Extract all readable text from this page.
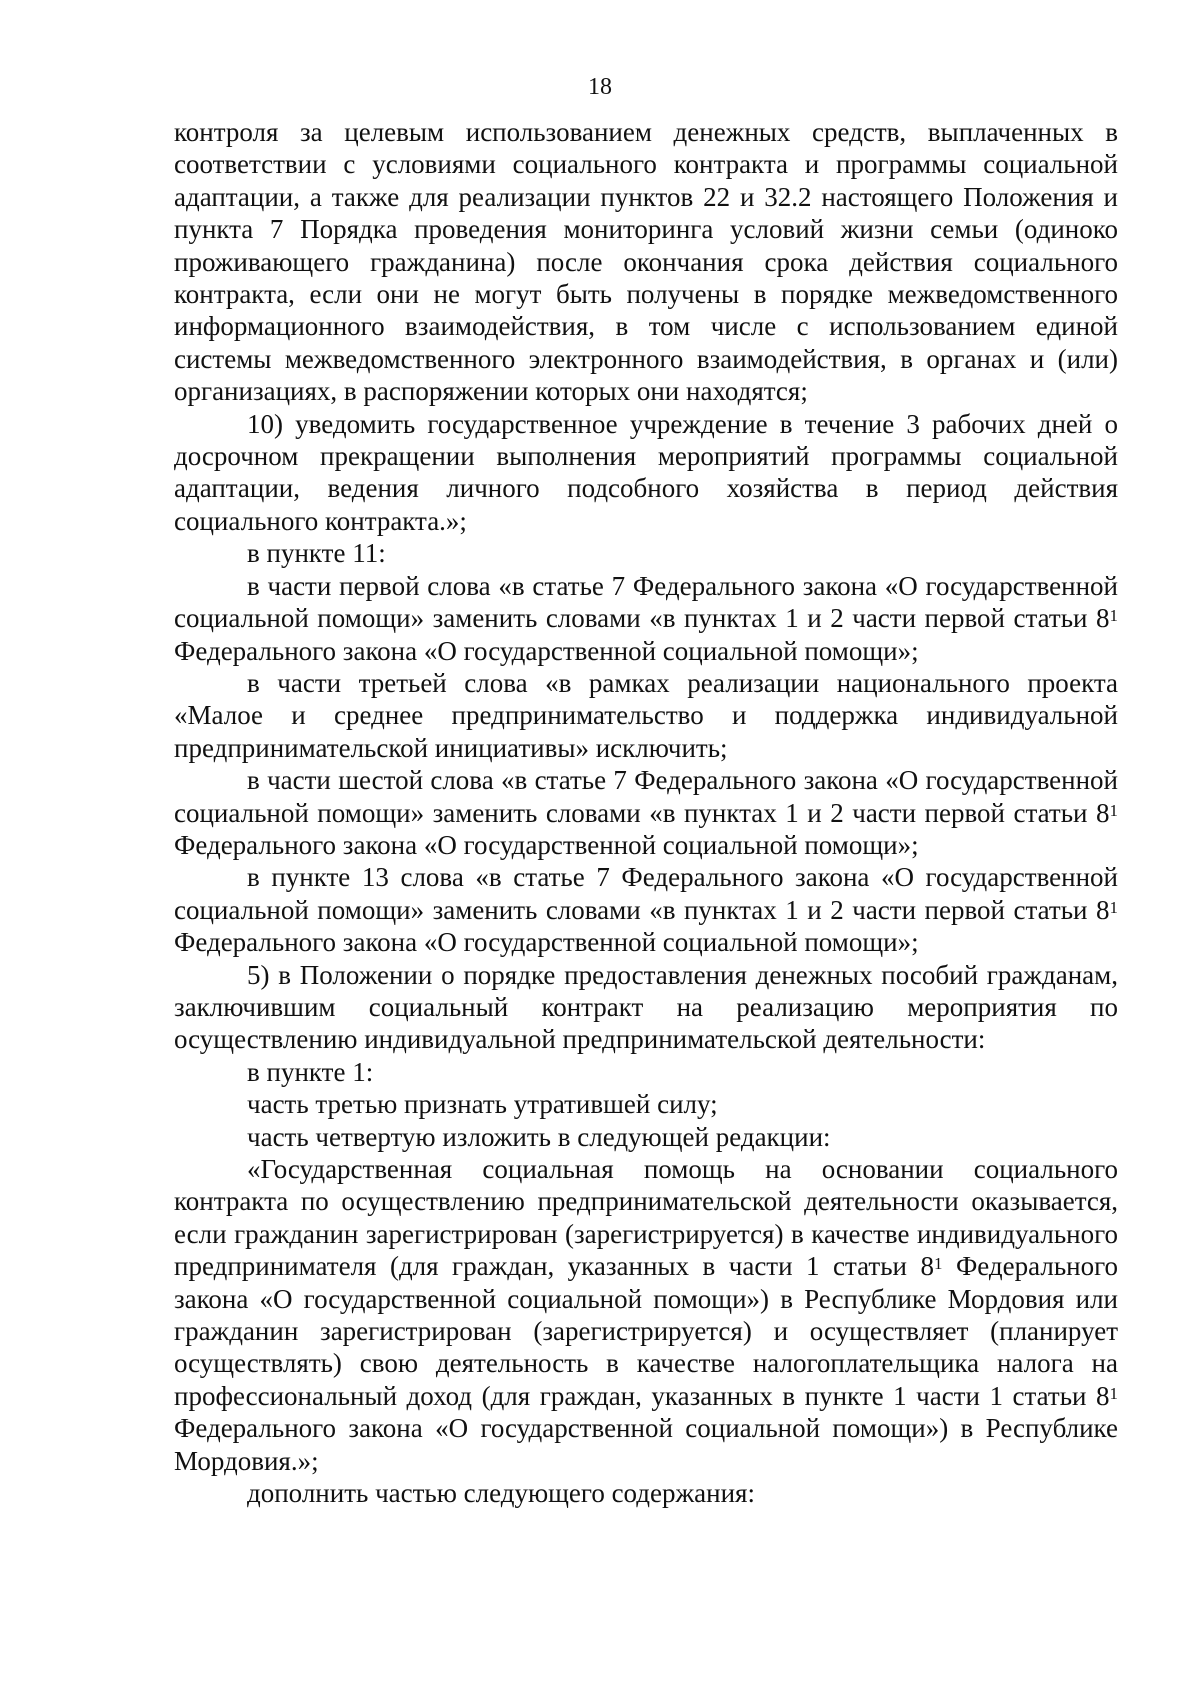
18

контроля за целевым использованием денежных средств, выплаченных в соответствии с условиями социального контракта и программы социальной адаптации, а также для реализации пунктов 22 и 32.2 настоящего Положения и пункта 7 Порядка проведения мониторинга условий жизни семьи (одиноко проживающего гражданина) после окончания срока действия социального контракта, если они не могут быть получены в порядке межведомственного информационного взаимодействия, в том числе с использованием единой системы межведомственного электронного взаимодействия, в органах и (или) организациях, в распоряжении которых они находятся;

10) уведомить государственное учреждение в течение 3 рабочих дней о досрочном прекращении выполнения мероприятий программы социальной адаптации, ведения личного подсобного хозяйства в период действия социального контракта.»;

в пункте 11:

в части первой слова «в статье 7 Федерального закона «О государственной социальной помощи» заменить словами «в пунктах 1 и 2 части первой статьи $8^1$ Федерального закона «О государственной социальной помощи»;

в части третьей слова «в рамках реализации национального проекта «Малое и среднее предпринимательство и поддержка индивидуальной предпринимательской инициативы» исключить;

в части шестой слова «в статье 7 Федерального закона «О государственной социальной помощи» заменить словами «в пунктах 1 и 2 части первой статьи $8^1$ Федерального закона «О государственной социальной помощи»;

в пункте 13 слова «в статье 7 Федерального закона «О государственной социальной помощи» заменить словами «в пунктах 1 и 2 части первой статьи $8^1$ Федерального закона «О государственной социальной помощи»;

5) в Положении о порядке предоставления денежных пособий гражданам, заключившим социальный контракт на реализацию мероприятия по осуществлению индивидуальной предпринимательской деятельности:

в пункте 1:

часть третью признать утратившей силу;

часть четвертую изложить в следующей редакции:

«Государственная социальная помощь на основании социального контракта по осуществлению предпринимательской деятельности оказывается, если гражданин зарегистрирован (зарегистрируется) в качестве индивидуального предпринимателя (для граждан, указанных в части 1 статьи $8^1$ Федерального закона «О государственной социальной помощи») в Республике Мордовия или гражданин зарегистрирован (зарегистрируется) и осуществляет (планирует осуществлять) свою деятельность в качестве налогоплательщика налога на профессиональный доход (для граждан, указанных в пункте 1 части 1 статьи $8^1$ Федерального закона «О государственной социальной помощи») в Республике Мордовия.»;

дополнить частью следующего содержания:
